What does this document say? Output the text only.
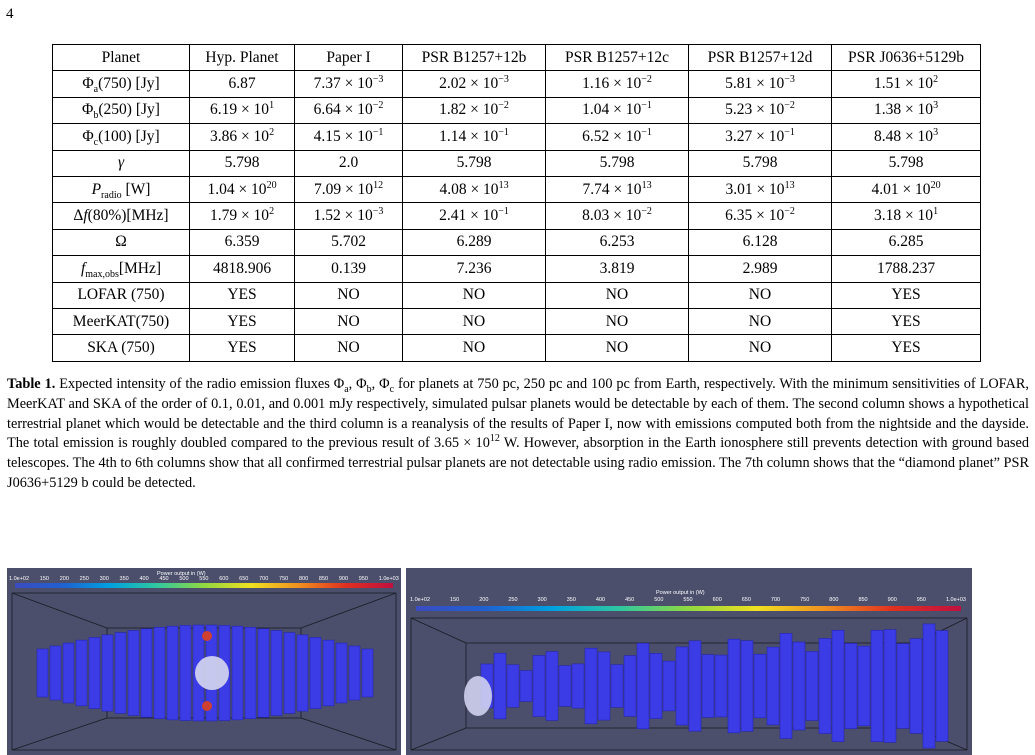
4
Planet	Hyp. Planet	Paper I	PSR B1257+12b	PSR B1257+12c	PSR B1257+12d	PSR J0636+5129b
$\Phi_a(750)$ [Jy]	6.87	$7.37 \times 10^{-3}$	$2.02 \times 10^{-3}$	$1.16 \times 10^{-2}$	$5.81 \times 10^{-3}$	$1.51 \times 10^2$
$\Phi_b(250)$ [Jy]	$6.19 \times 10^1$	$6.64 \times 10^{-2}$	$1.82 \times 10^{-2}$	$1.04 \times 10^{-1}$	$5.23 \times 10^{-2}$	$1.38 \times 10^3$
$\Phi_c(100)$ [Jy]	$3.86 \times 10^2$	$4.15 \times 10^{-1}$	$1.14 \times 10^{-1}$	$6.52 \times 10^{-1}$	$3.27 \times 10^{-1}$	$8.48 \times 10^3$
γ	5.798	2.0	5.798	5.798	5.798	5.798
$P_{radio}$ [W]	$1.04 \times 10^{20}$	$7.09 \times 10^{12}$	$4.08 \times 10^{13}$	$7.74 \times 10^{13}$	$3.01 \times 10^{13}$	$4.01 \times 10^{20}$
Δf(80%)[MHz]	$1.79 \times 10^2$	$1.52 \times 10^{-3}$	$2.41 \times 10^{-1}$	$8.03 \times 10^{-2}$	$6.35 \times 10^{-2}$	$3.18 \times 10^1$
Ω	6.359	5.702	6.289	6.253	6.128	6.285
$f_{max,obs}[MHz]$	4818.906	0.139	7.236	3.819	2.989	1788.237
LOFAR (750)	YES	NO	NO	NO	NO	YES
MeerKAT(750)	YES	NO	NO	NO	NO	YES
SKA (750)	YES	NO	NO	NO	NO	YES
Table 1. Expected intensity of the radio emission fluxes $\Phi_a$, $\Phi_b$, $\Phi_c$ for planets at 750 pc, 250 pc and 100 pc from Earth, respectively. With the minimum sensitivities of LOFAR, MeerKAT and SKA of the order of 0.1, 0.01, and 0.001 mJy respectively, simulated pulsar planets would be detectable by each of them. The second column shows a hypothetical terrestrial planet which would be detectable and the third column is a reanalysis of the results of Paper I, now with emissions computed both from the nightside and the dayside. The total emission is roughly doubled compared to the previous result of $3.65 \times 10^{12}$ W. However, absorption in the Earth ionosphere still prevents detection with ground based telescopes. The 4th to 6th columns show that all confirmed terrestrial pulsar planets are not detectable using radio emission. The 7th column shows that the “diamond planet” PSR J0636+5129 b could be detected.
Power output in (W)
1.0e+02 150 200 250 300 350 400 450 500 550 600 650 700 750 800 850 900 950 1.0e+03
Power output in (W)
1.0e+02	150	200	250	300	350	400	450	500	550	600	650	700	750	800	850	900	950	1.0e+03
